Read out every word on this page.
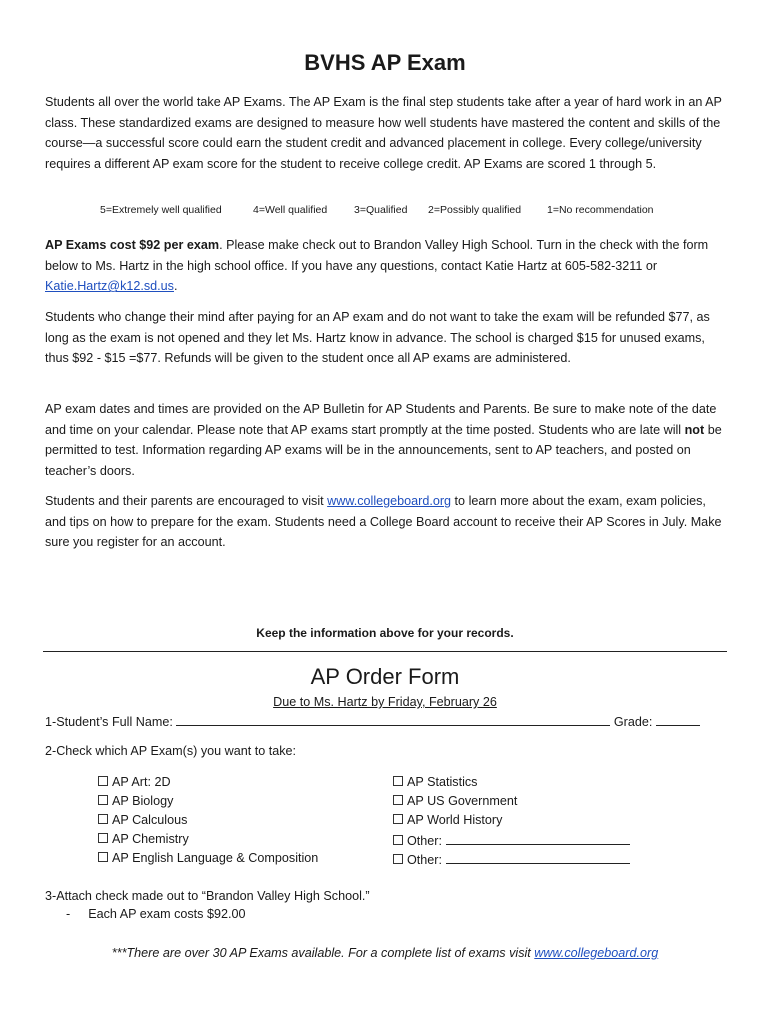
BVHS AP Exam

Students all over the world take AP Exams. The AP Exam is the final step students take after a year of hard work in an AP class. These standardized exams are designed to measure how well students have mastered the content and skills of the course—a successful score could earn the student credit and advanced placement in college. Every college/university requires a different AP exam score for the student to receive college credit. AP Exams are scored 1 through 5.

5=Extremely well qualified	4=Well qualified	3=Qualified 2=Possibly qualified 1=No recommendation

AP Exams cost $92 per exam. Please make check out to Brandon Valley High School. Turn in the check with the form below to Ms. Hartz in the high school office. If you have any questions, contact Katie Hartz at 605-582-3211 or Katie.Hartz@k12.sd.us.

Students who change their mind after paying for an AP exam and do not want to take the exam will be refunded $77, as long as the exam is not opened and they let Ms. Hartz know in advance. The school is charged $15 for unused exams, thus $92 - $15 =$77. Refunds will be given to the student once all AP exams are administered.

AP exam dates and times are provided on the AP Bulletin for AP Students and Parents. Be sure to make note of the date and time on your calendar. Please note that AP exams start promptly at the time posted. Students who are late will not be permitted to test. Information regarding AP exams will be in the announcements, sent to AP teachers, and posted on teacher’s doors.

Students and their parents are encouraged to visit www.collegeboard.org to learn more about the exam, exam policies, and tips on how to prepare for the exam. Students need a College Board account to receive their AP Scores in July. Make sure you register for an account.

Keep the information above for your records.
AP Order Form
Due to Ms. Hartz by Friday, February 26
1-Student’s Full Name:	Grade:
2-Check which AP Exam(s) you want to take:
AP Art: 2D
AP Biology
AP Calculous
AP Chemistry
AP English Language & Composition
AP Statistics
AP US Government
AP World History
Other:
Other:
3-Attach check made out to “Brandon Valley High School.”
- Each AP exam costs $92.00
***There are over 30 AP Exams available. For a complete list of exams visit www.collegeboard.org
